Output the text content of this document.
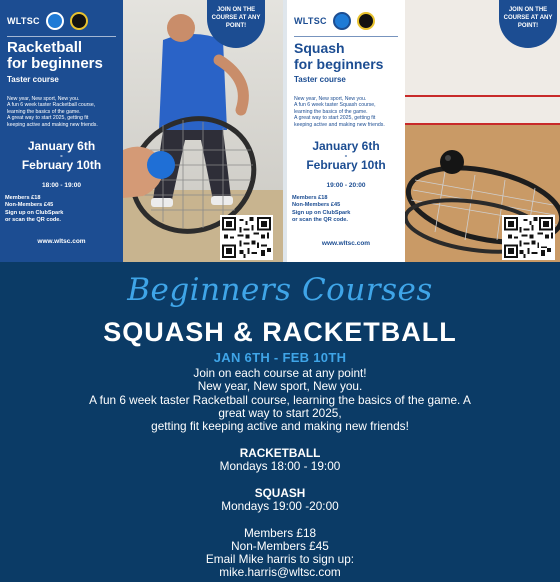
WLTSC
Racketball
for beginners
Taster course
New year, New sport, New you.
A fun 6 week taster Racketball course,
learning the basics of the game.
A great way to start 2025, getting fit
keeping active and making new friends.
January 6th
-
February 10th
18:00 - 19:00
Members £18
Non-Members £45
Sign up on ClubSpark
or scan the QR code.
www.wltsc.com
JOIN ON THE
COURSE AT ANY
POINT!	WLTSC
Squash
for beginners
Taster course
New year, New sport, New you.
A fun 6 week taster Squash course,
learning the basics of the game.
A great way to start 2025, getting fit
keeping active and making new friends.
January 6th
-
February 10th
19:00 - 20:00
Members £18
Non-Members £45
Sign up on ClubSpark
or scan the QR code.
www.wltsc.com
JOIN ON THE
COURSE AT ANY
POINT!
Beginners Courses
SQUASH & RACKETBALL
JAN 6TH - FEB 10TH
Join on each course at any point!
New year, New sport, New you.
A fun 6 week taster Racketball course, learning the basics of the game. A
great way to start 2025,
getting fit keeping active and making new friends!
RACKETBALL
Mondays 18:00 - 19:00
SQUASH
Mondays 19:00 -20:00
Members £18
Non-Members £45
Email Mike harris to sign up:
mike.harris@wltsc.com
